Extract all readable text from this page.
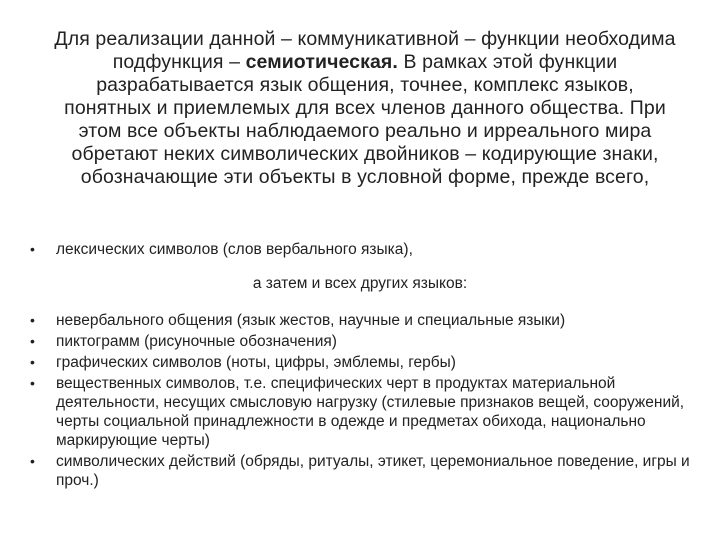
Для реализации данной – коммуникативной – функции необходима подфункция – семиотическая. В рамках этой функции разрабатывается язык общения, точнее, комплекс языков, понятных и приемлемых для всех членов данного общества. При этом все объекты наблюдаемого реально и ирреального мира обретают неких символических двойников – кодирующие знаки, обозначающие эти объекты в условной форме, прежде всего,
•	лексических символов (слов вербального языка),
а затем и всех других языков:
•	невербального общения (язык жестов, научные и специальные языки)
•	пиктограмм (рисуночные обозначения)
•	графических символов (ноты, цифры, эмблемы, гербы)
•	вещественных символов, т.е. специфических черт в продуктах материальной деятельности, несущих смысловую нагрузку (стилевые признаков вещей, сооружений, черты социальной принадлежности в одежде и предметах обихода, национально маркирующие черты)
•	символических действий (обряды, ритуалы, этикет, церемониальное поведение, игры и проч.)
